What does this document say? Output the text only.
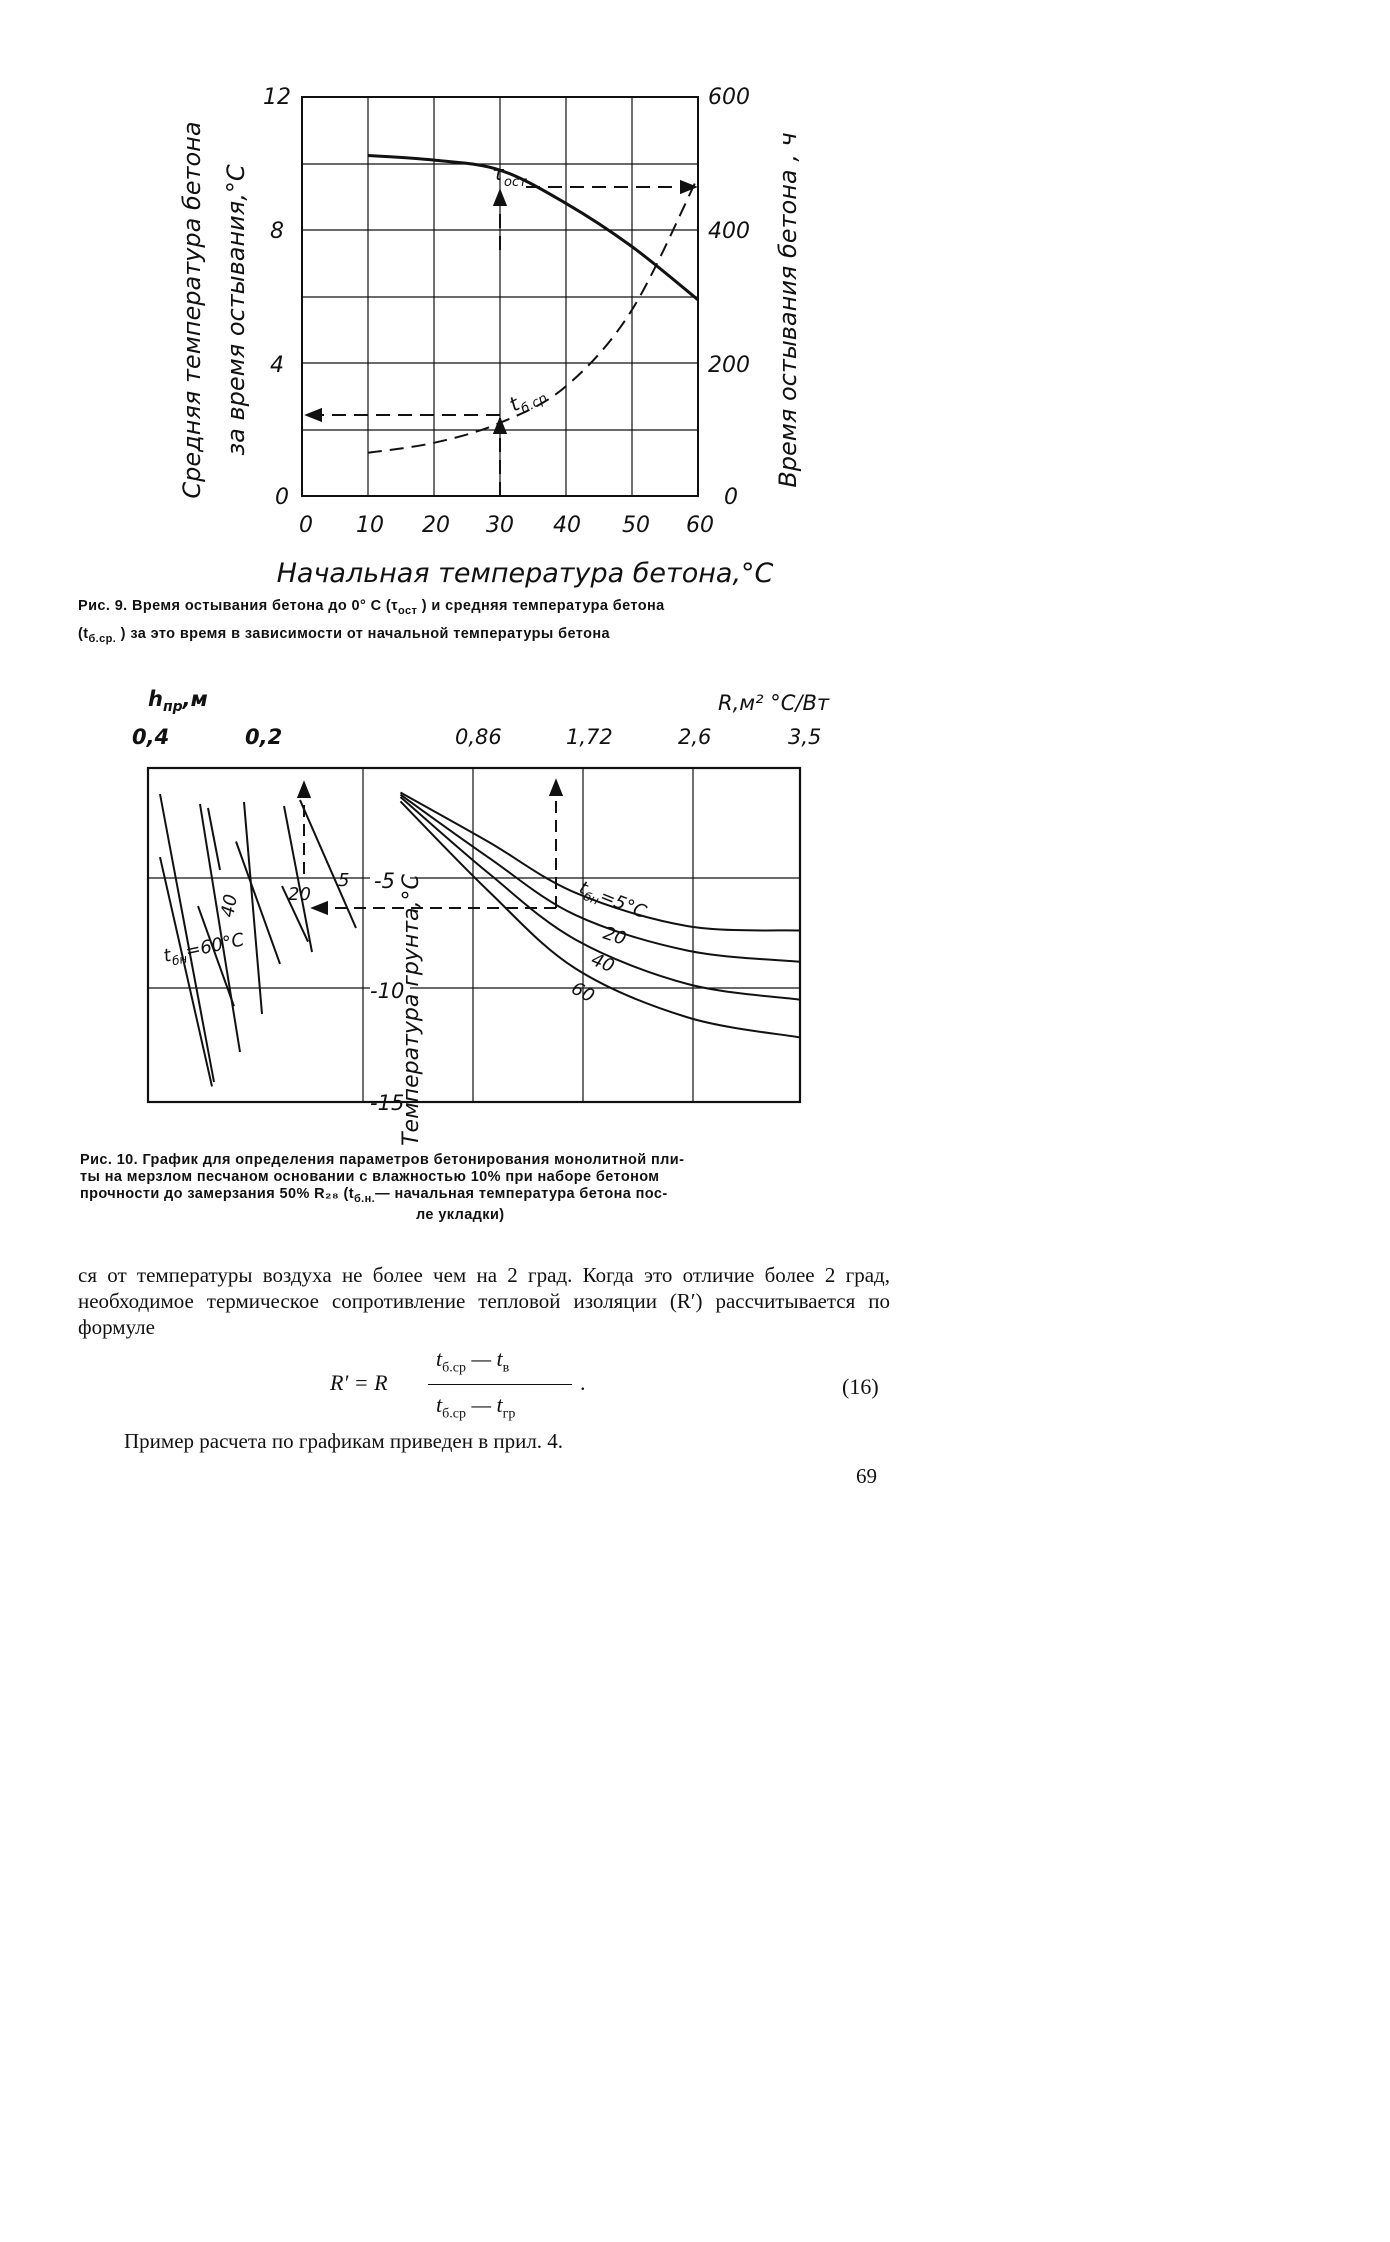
12
8
4
0
600
400
200
0
0 10 20 30 40 50 60
Средняя температура бетона за время остывания,°С	Время остывания бетона , ч
Начальная температура бетона,°С
$\tau_{ост}$
$t_{б.ср}$
$h_{пр},м$	R,м² °С/Вт
0,4	0,2	0,86	1,72	2,6	3,5
-5
-10
-15
Температура грунта,°С
$t_{бн}=60^\circ С$
40	20
5	$t_{бн}=5^\circ С$
20
40
60

Рис. 9. Время остывания бетона до 0° С ($\tau_{ост}$ ) и средняя температура бетона

($t_{б.ср.}$ ) за это время в зависимости от начальной температуры бетона

Рис. 10. График для определения параметров бетонирования монолитной пли-

ты на мерзлом песчаном основании с влажностью 10% при наборе бетоном

прочности до замерзания 50% R₂₈ ($t_{б.н.}—$ начальная температура бетона пос-

ле укладки)

ся от температуры воздуха не более чем на 2 град. Когда это отличие более 2 град, необходимое термическое сопротивление тепловой изоляции (R′) рассчитывается по формуле

R′ = R
$t_{б.ср}$ — $t_в$
$t_{б.ср}$ — $t_{гр}$
.	(16)

Пример расчета по графикам приведен в прил. 4.

69
